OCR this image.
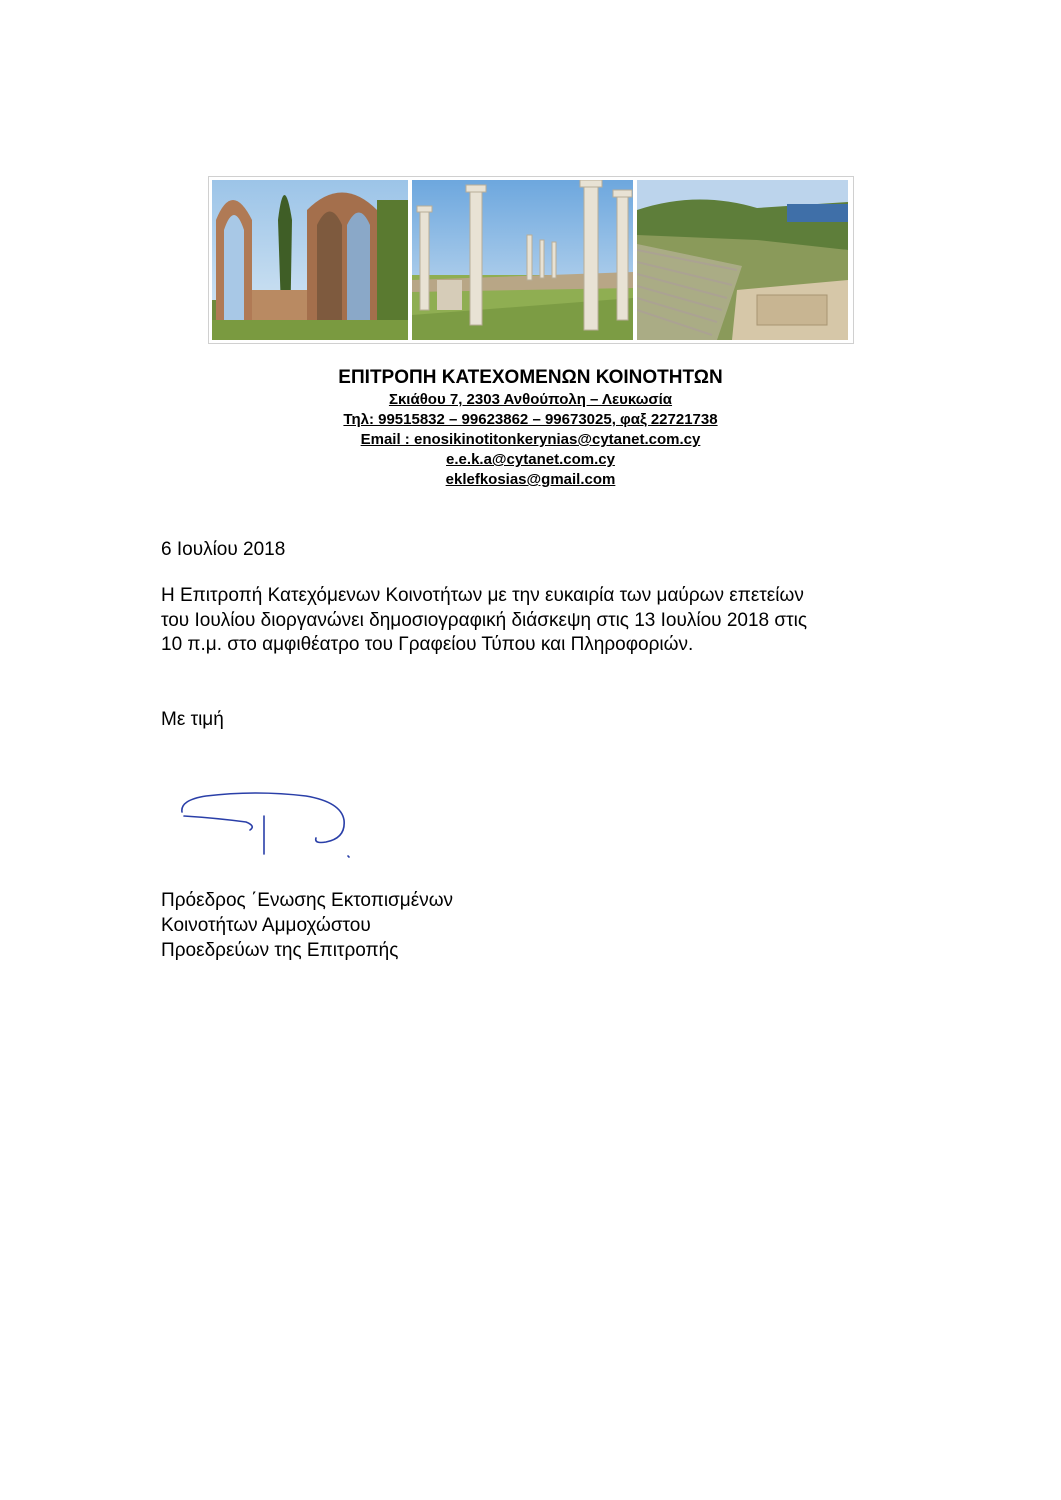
ΕΠΙΤΡΟΠΗ ΚΑΤΕΧΟΜΕΝΩΝ ΚΟΙΝΟΤΗΤΩΝ
Σκιάθου 7, 2303 Ανθούπολη – Λευκωσία
Τηλ: 99515832 – 99623862 – 99673025, φαξ 22721738
Email : enosikinotitonkerynias@cytanet.com.cy
e.e.k.a@cytanet.com.cy
eklefkosias@gmail.com
6 Ιουλίου 2018
Η Επιτροπή Κατεχόμενων Κοινοτήτων με την ευκαιρία των μαύρων επετείων
του Ιουλίου διοργανώνει δημοσιογραφική διάσκεψη στις 13 Ιουλίου 2018 στις
10 π.μ. στο αμφιθέατρο του Γραφείου Τύπου και Πληροφοριών.
Με τιμή
Πρόεδρος ΄Ενωσης Εκτοπισμένων
Κοινοτήτων Αμμοχώστου
Προεδρεύων της Επιτροπής
